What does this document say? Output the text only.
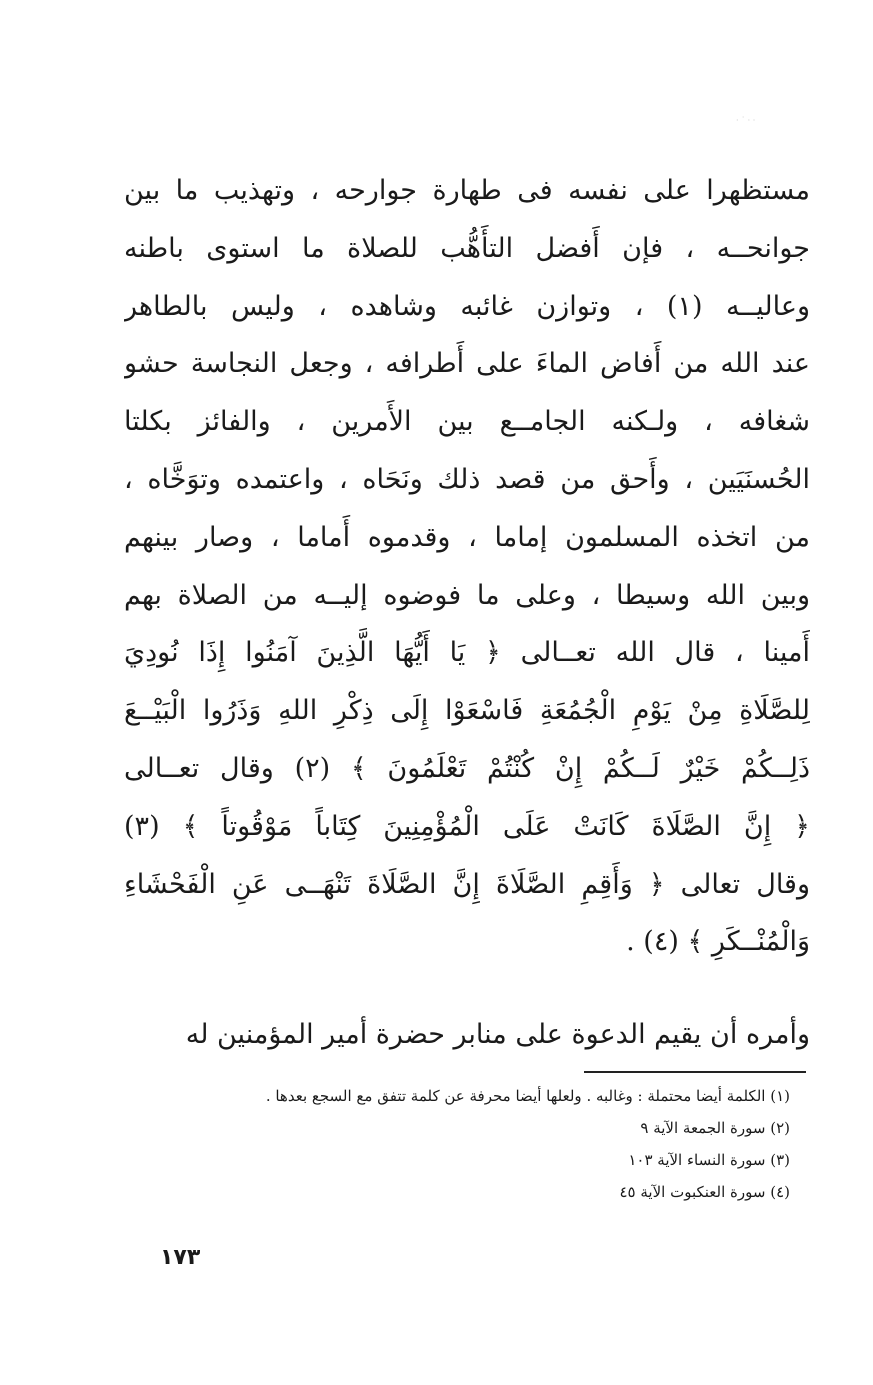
· ˙ · ·
مستظهرا على نفسه فى طهارة جوارحه ، وتهذيب ما بين
جوانحــه ، فإن أَفضل التأَهُّب للصلاة ما استوى باطنه
وعاليــه (١) ، وتوازن غائبه وشاهده ، وليس بالطاهر
عند الله من أَفاض الماءَ على أَطرافه ، وجعل النجاسة حشو
شغافه ، ولـكنه الجامــع بين الأَمرين ، والفائز بكلتا
الحُسنَيَين ، وأَحق من قصد ذلك ونَحَاه ، واعتمده وتوَخَّاه ،
من اتخذه المسلمون إماما ، وقدموه أَماما ، وصار بينهم
وبين الله وسيطا ، وعلى ما فوضوه إليــه من الصلاة بهم
أَمينا ، قال الله تعــالى ﴿ يَا أَيُّهَا الَّذِينَ آمَنُوا إِذَا نُودِيَ
لِلصَّلَاةِ مِنْ يَوْمِ الْجُمُعَةِ فَاسْعَوْا إِلَى ذِكْرِ اللهِ وَذَرُوا الْبَيْــعَ
ذَلِــكُمْ خَيْرٌ لَــكُمْ إِنْ كُنْتُمْ تَعْلَمُونَ ﴾ (٢) وقال تعــالى
﴿ إِنَّ الصَّلَاةَ كَانَتْ عَلَى الْمُؤْمِنِينَ كِتَاباً مَوْقُوتاً ﴾ (٣)
وقال تعالى ﴿ وَأَقِمِ الصَّلَاةَ إِنَّ الصَّلَاةَ تَنْهَــى عَنِ الْفَحْشَاءِ
وَالْمُنْــكَرِ ﴾ (٤) .
وأمره أن يقيم الدعوة على منابر حضرة أمير المؤمنين له
(١) الكلمة أيضا محتملة : وغالبه . ولعلها أيضا محرفة عن كلمة تتفق مع السجع بعدها .
(٢) سورة الجمعة الآية ٩
(٣) سورة النساء الآية ١٠٣
(٤) سورة العنكبوت الآية ٤٥
١٧٣
